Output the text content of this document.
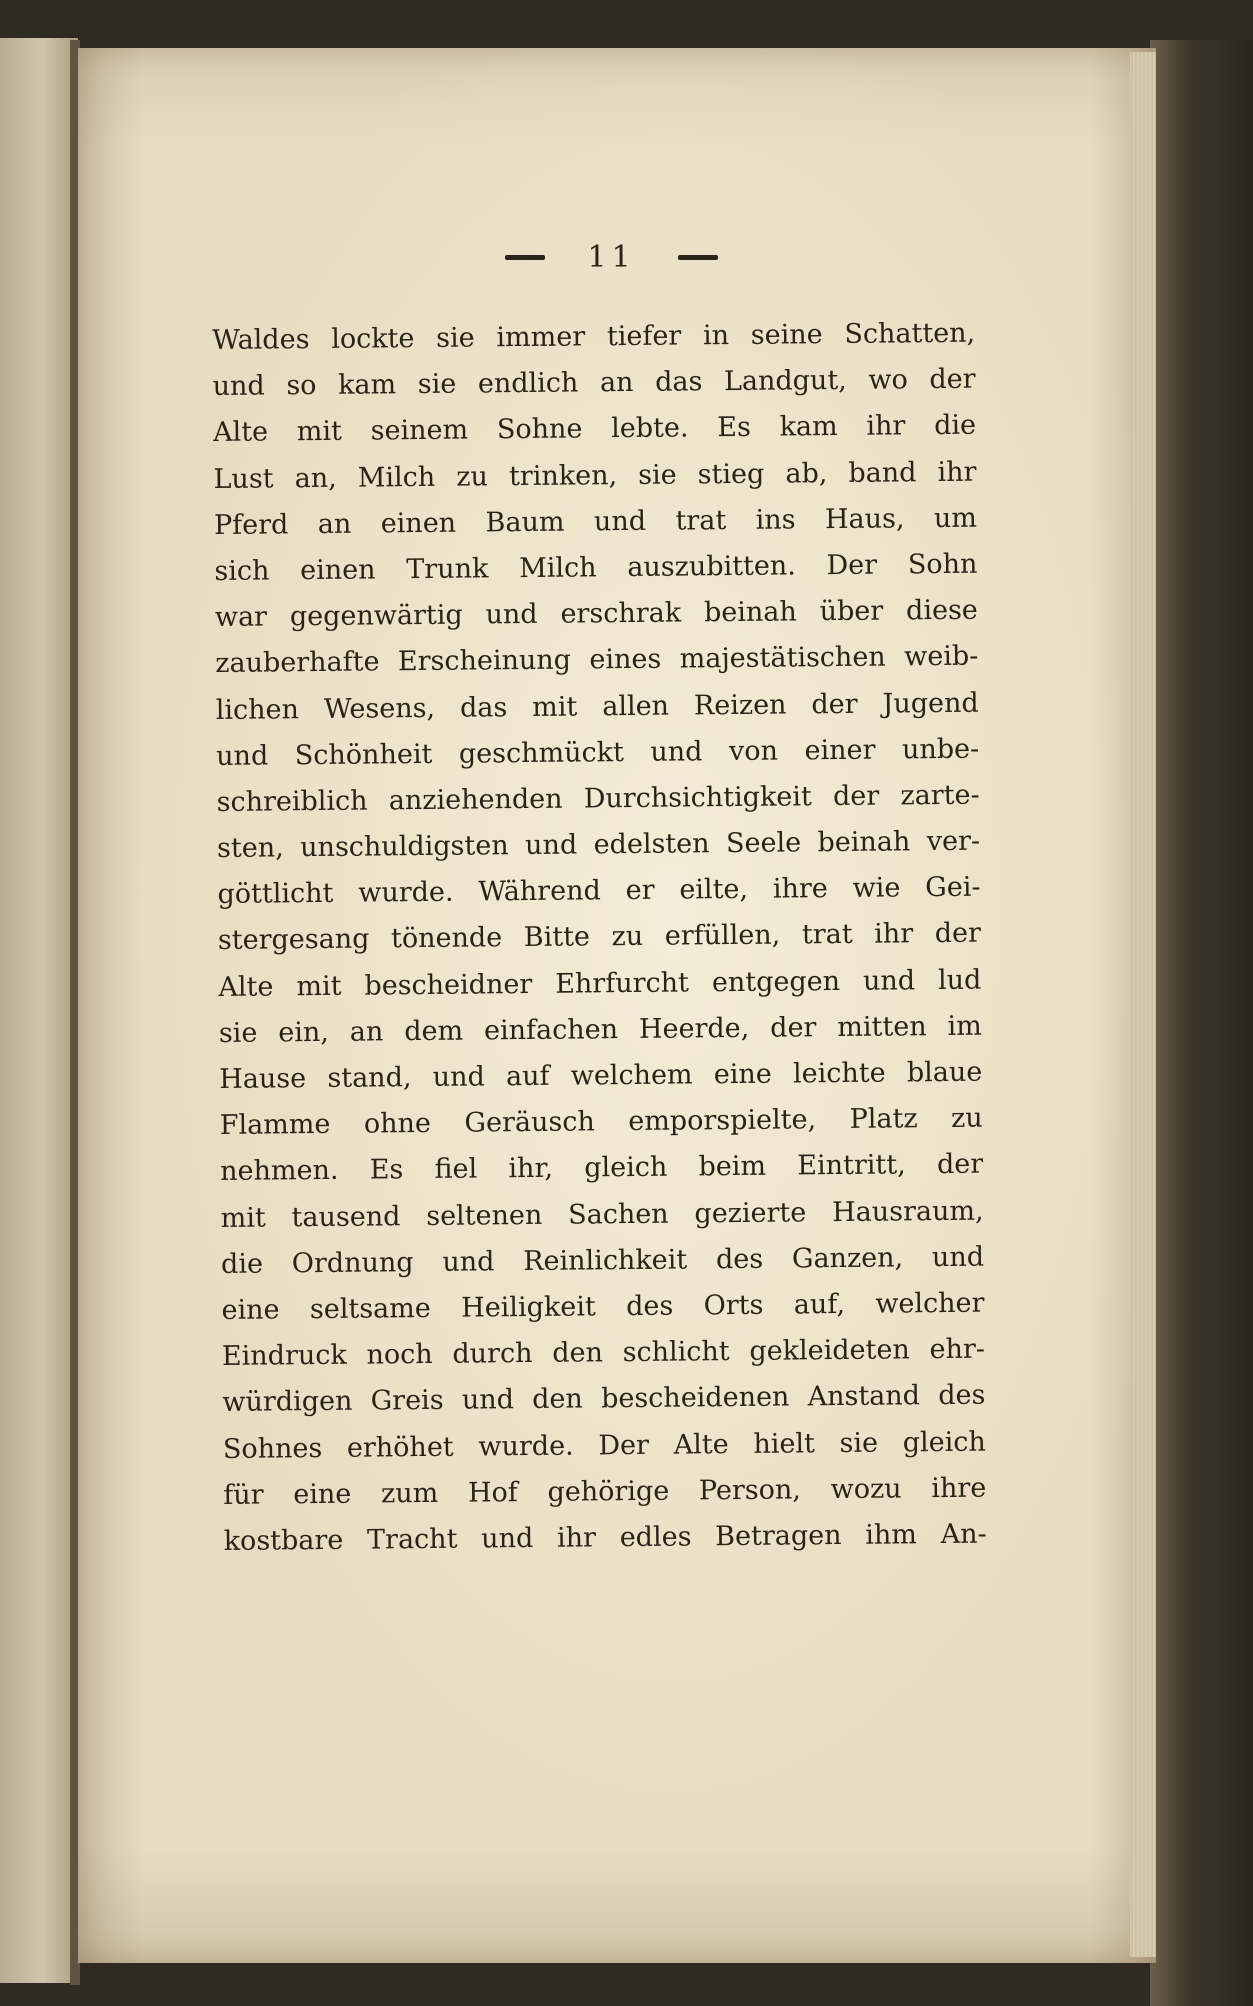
11
Waldes lockte sie immer tiefer in seine Schatten,
und so kam sie endlich an das Landgut, wo der
Alte mit seinem Sohne lebte. Es kam ihr die
Lust an, Milch zu trinken, sie stieg ab, band ihr
Pferd an einen Baum und trat ins Haus, um
sich einen Trunk Milch auszubitten. Der Sohn
war gegenwärtig und erschrak beinah über diese
zauberhafte Erscheinung eines majestätischen weib-
lichen Wesens, das mit allen Reizen der Jugend
und Schönheit geschmückt und von einer unbe-
schreiblich anziehenden Durchsichtigkeit der zarte-
sten, unschuldigsten und edelsten Seele beinah ver-
göttlicht wurde. Während er eilte, ihre wie Gei-
stergesang tönende Bitte zu erfüllen, trat ihr der
Alte mit bescheidner Ehrfurcht entgegen und lud
sie ein, an dem einfachen Heerde, der mitten im
Hause stand, und auf welchem eine leichte blaue
Flamme ohne Geräusch emporspielte, Platz zu
nehmen. Es fiel ihr, gleich beim Eintritt, der
mit tausend seltenen Sachen gezierte Hausraum,
die Ordnung und Reinlichkeit des Ganzen, und
eine seltsame Heiligkeit des Orts auf, welcher
Eindruck noch durch den schlicht gekleideten ehr-
würdigen Greis und den bescheidenen Anstand des
Sohnes erhöhet wurde. Der Alte hielt sie gleich
für eine zum Hof gehörige Person, wozu ihre
kostbare Tracht und ihr edles Betragen ihm An-
